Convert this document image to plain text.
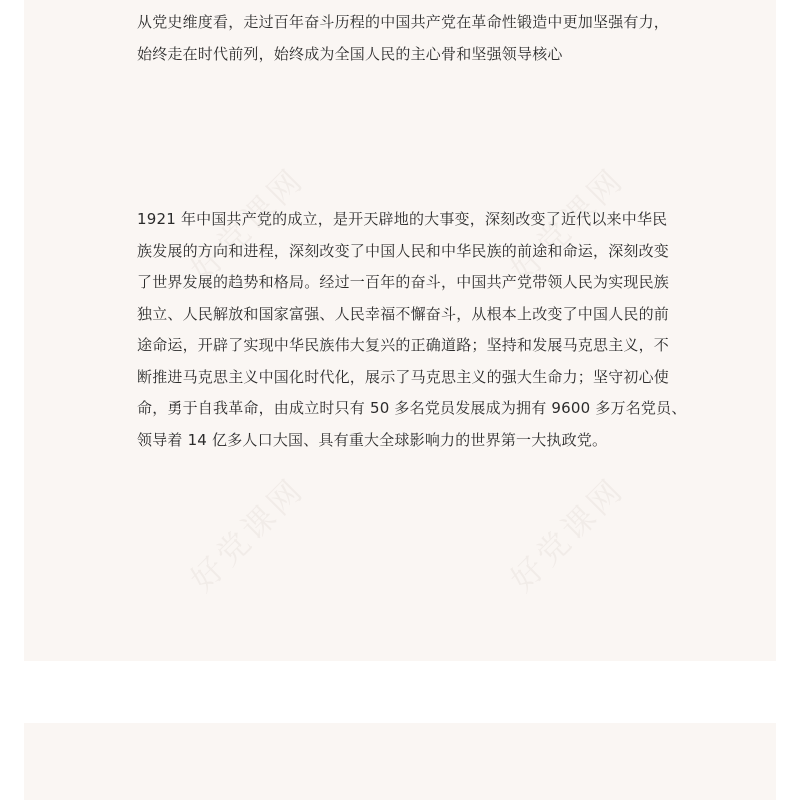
好党课网	好党课网
好党课网	好党课网

从党史维度看，走过百年奋斗历程的中国共产党在革命性锻造中更加坚强有力，
始终走在时代前列，始终成为全国人民的主心骨和坚强领导核心

1921 年中国共产党的成立，是开天辟地的大事变，深刻改变了近代以来中华民
族发展的方向和进程，深刻改变了中国人民和中华民族的前途和命运，深刻改变
了世界发展的趋势和格局。经过一百年的奋斗，中国共产党带领人民为实现民族
独立、人民解放和国家富强、人民幸福不懈奋斗，从根本上改变了中国人民的前
途命运，开辟了实现中华民族伟大复兴的正确道路；坚持和发展马克思主义，不
断推进马克思主义中国化时代化，展示了马克思主义的强大生命力；坚守初心使
命，勇于自我革命，由成立时只有 50 多名党员发展成为拥有 9600 多万名党员、
领导着 14 亿多人口大国、具有重大全球影响力的世界第一大执政党。
